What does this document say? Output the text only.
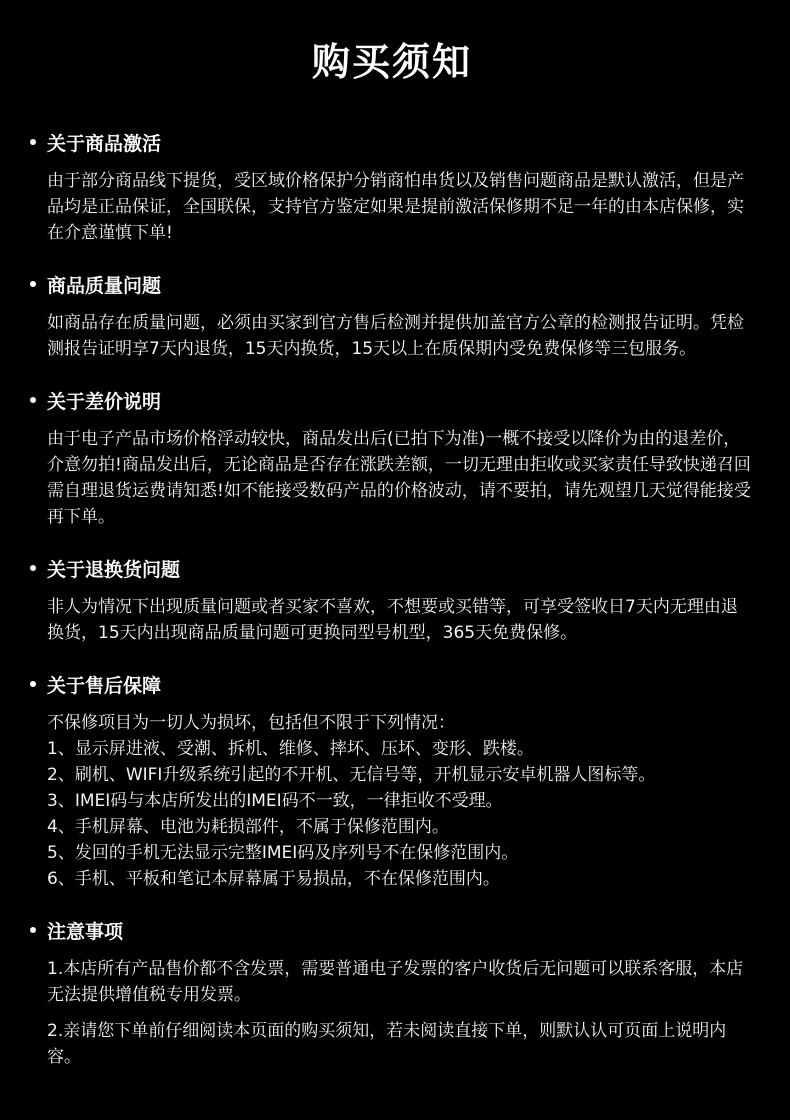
购买须知
关于商品激活
由于部分商品线下提货，受区域价格保护分销商怕串货以及销售问题商品是默认激活，但是产品均是正品保证，全国联保，支持官方鉴定如果是提前激活保修期不足一年的由本店保修，实在介意谨慎下单!
商品质量问题
如商品存在质量问题，必须由买家到官方售后检测并提供加盖官方公章的检测报告证明。凭检测报告证明享7天内退货，15天内换货，15天以上在质保期内受免费保修等三包服务。
关于差价说明
由于电子产品市场价格浮动较快，商品发出后(已拍下为准)一概不接受以降价为由的退差价，介意勿拍!商品发出后，无论商品是否存在涨跌差额，一切无理由拒收或买家责任导致快递召回需自理退货运费请知悉!如不能接受数码产品的价格波动，请不要拍，请先观望几天觉得能接受再下单。
关于退换货问题
非人为情况下出现质量问题或者买家不喜欢，不想要或买错等，可享受签收日7天内无理由退换货，15天内出现商品质量问题可更换同型号机型，365天免费保修。
关于售后保障
不保修项目为一切人为损坏，包括但不限于下列情况：
1、显示屏进液、受潮、拆机、维修、摔坏、压坏、变形、跌楼。
2、刷机、WIFI升级系统引起的不开机、无信号等，开机显示安卓机器人图标等。
3、IMEI码与本店所发出的IMEI码不一致，一律拒收不受理。
4、手机屏幕、电池为耗损部件，不属于保修范围内。
5、发回的手机无法显示完整IMEI码及序列号不在保修范围内。
6、手机、平板和笔记本屏幕属于易损品，不在保修范围内。
注意事项
1.本店所有产品售价都不含发票，需要普通电子发票的客户收货后无问题可以联系客服，本店无法提供增值税专用发票。
2.亲请您下单前仔细阅读本页面的购买须知，若未阅读直接下单，则默认认可页面上说明内容。
